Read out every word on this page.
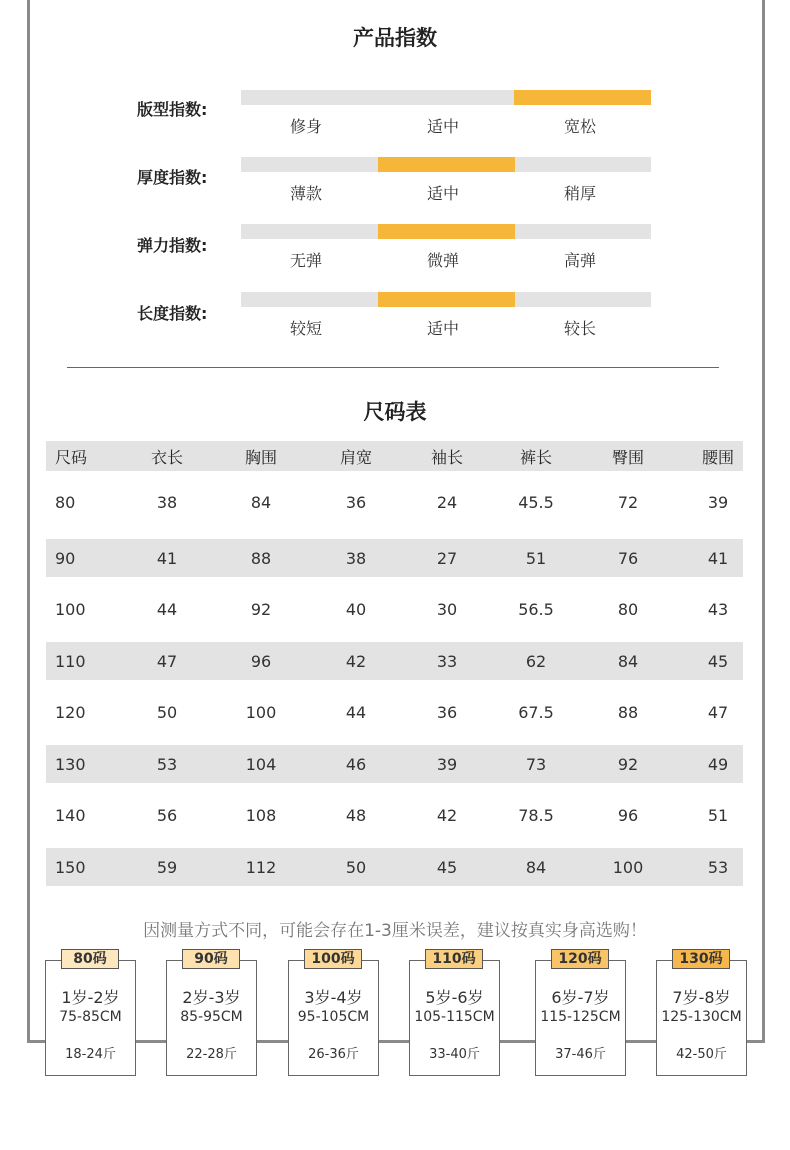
产品指数
版型指数:
修身	适中	宽松
厚度指数:
薄款	适中	稍厚
弹力指数:
无弹	微弹	高弹
长度指数:
较短	适中	较长
尺码表
尺码	衣长	胸围	肩宽	袖长	裤长	臀围	腰围
80	38	84	36	24	45.5	72	39
90	41	88	38	27	51	76	41
100	44	92	40	30	56.5	80	43
110	47	96	42	33	62	84	45
120	50	100	44	36	67.5	88	47
130	53	104	46	39	73	92	49
140	56	108	48	42	78.5	96	51
150	59	112	50	45	84	100	53
因测量方式不同，可能会存在1-3厘米误差，建议按真实身高选购！
1岁-2岁
75-85CM
18-24斤
80码
2岁-3岁
85-95CM
22-28斤
90码
3岁-4岁
95-105CM
26-36斤
100码
5岁-6岁
105-115CM
33-40斤
110码
6岁-7岁
115-125CM
37-46斤
120码
7岁-8岁
125-130CM
42-50斤
130码
